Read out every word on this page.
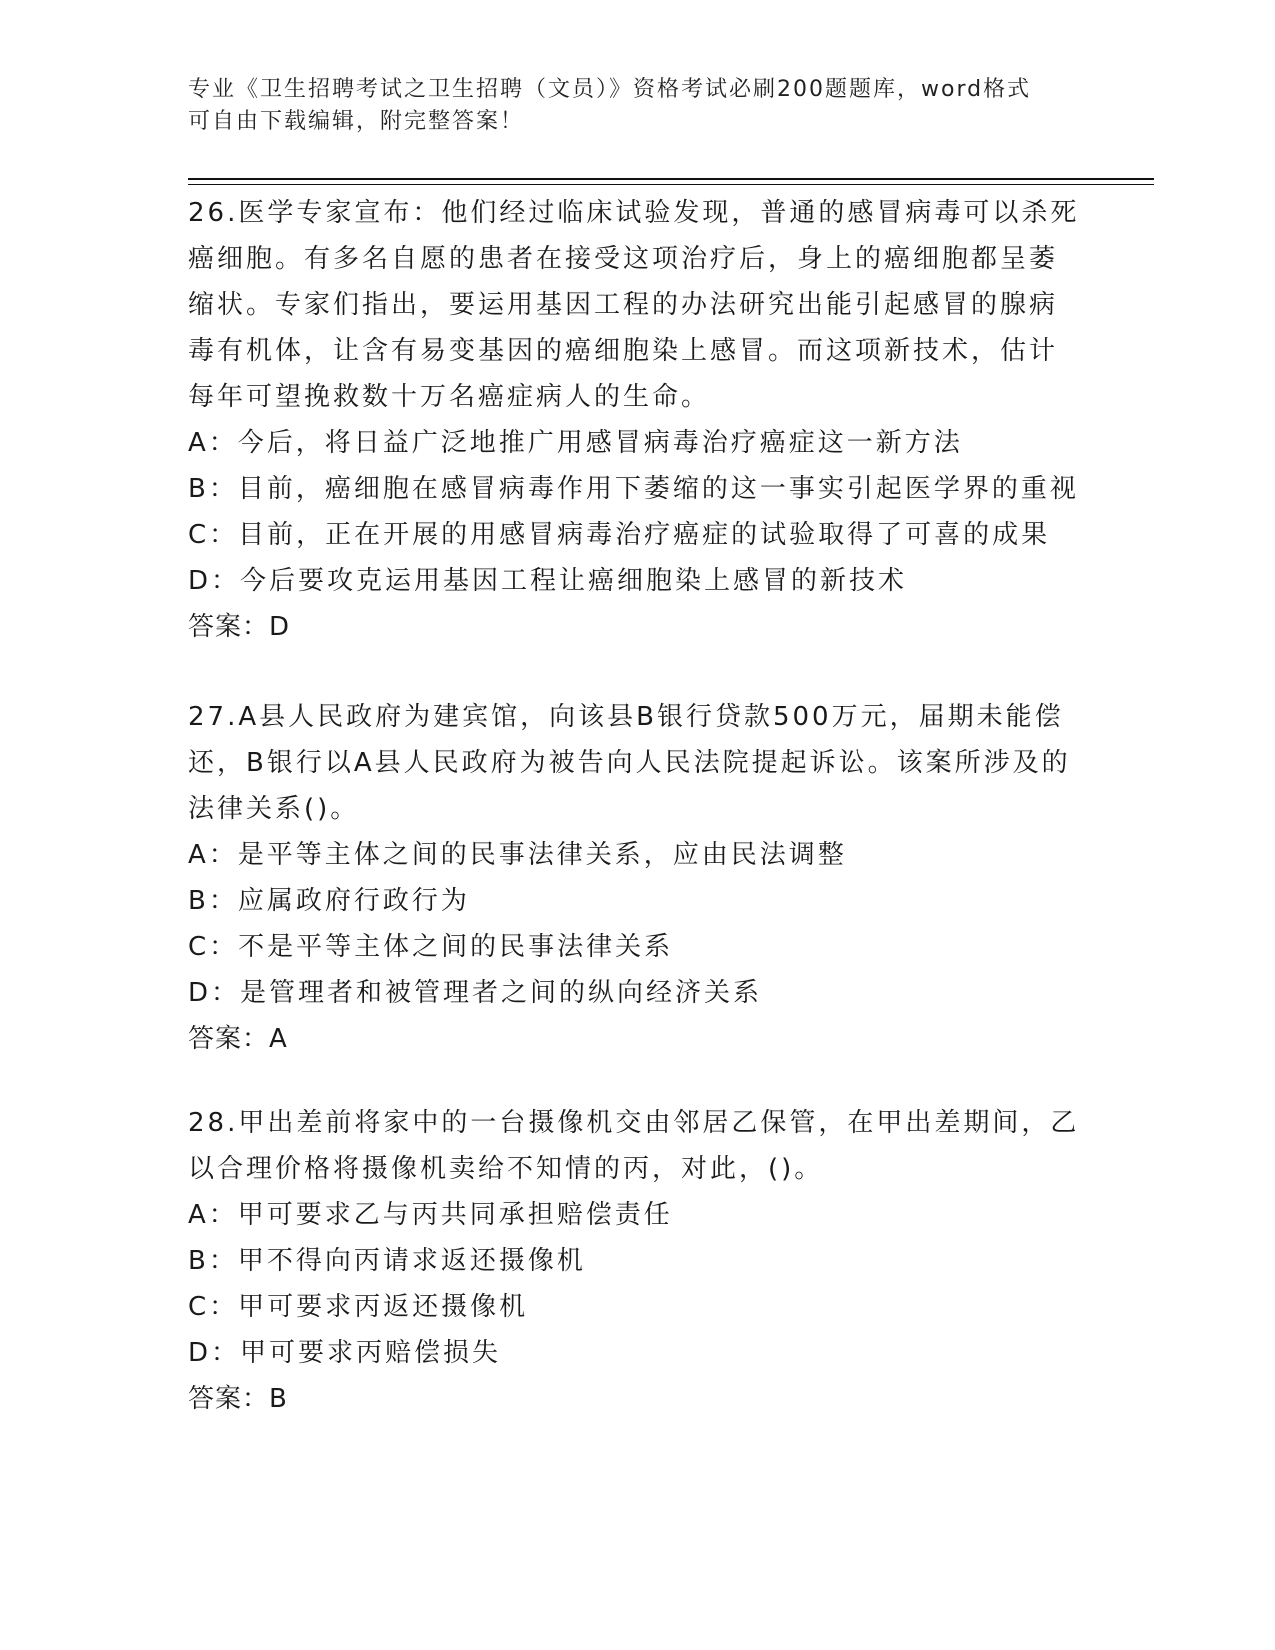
专业《卫生招聘考试之卫生招聘（文员）》资格考试必刷200题题库，word格式
可自由下载编辑，附完整答案！
26.医学专家宣布：他们经过临床试验发现，普通的感冒病毒可以杀死
癌细胞。有多名自愿的患者在接受这项治疗后，身上的癌细胞都呈萎
缩状。专家们指出，要运用基因工程的办法研究出能引起感冒的腺病
毒有机体，让含有易变基因的癌细胞染上感冒。而这项新技术，估计
每年可望挽救数十万名癌症病人的生命。
A：今后，将日益广泛地推广用感冒病毒治疗癌症这一新方法
B：目前，癌细胞在感冒病毒作用下萎缩的这一事实引起医学界的重视
C：目前，正在开展的用感冒病毒治疗癌症的试验取得了可喜的成果
D：今后要攻克运用基因工程让癌细胞染上感冒的新技术
答案：D
27.A县人民政府为建宾馆，向该县B银行贷款500万元，届期未能偿
还，B银行以A县人民政府为被告向人民法院提起诉讼。该案所涉及的
法律关系()。
A：是平等主体之间的民事法律关系，应由民法调整
B：应属政府行政行为
C：不是平等主体之间的民事法律关系
D：是管理者和被管理者之间的纵向经济关系
答案：A
28.甲出差前将家中的一台摄像机交由邻居乙保管，在甲出差期间，乙
以合理价格将摄像机卖给不知情的丙，对此，()。
A：甲可要求乙与丙共同承担赔偿责任
B：甲不得向丙请求返还摄像机
C：甲可要求丙返还摄像机
D：甲可要求丙赔偿损失
答案：B
